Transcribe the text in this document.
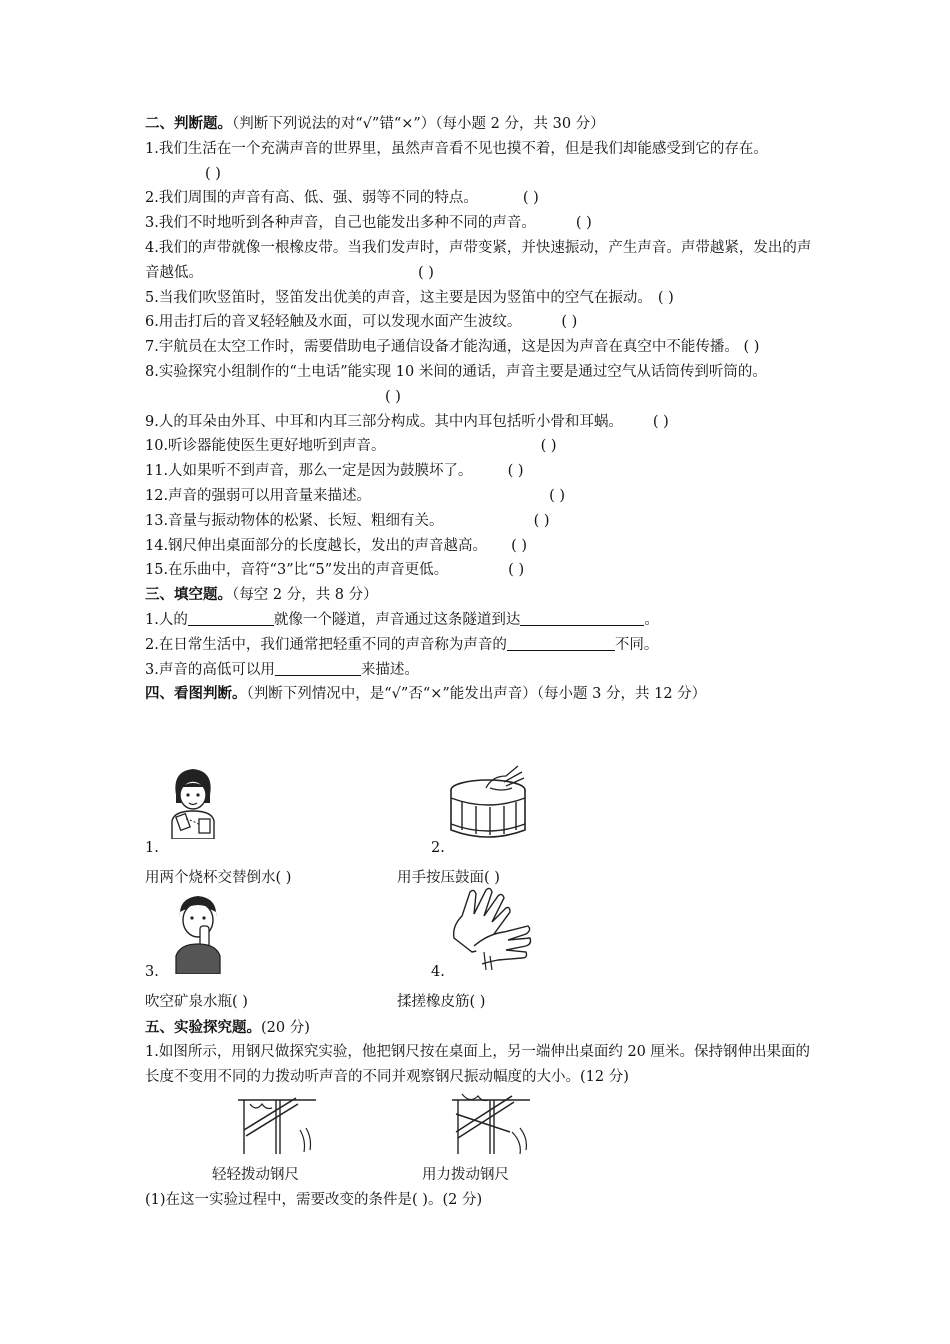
二、判断题。（判断下列说法的对“√”错“×”）（每小题 2 分，共 30 分）
1.我们生活在一个充满声音的世界里，虽然声音看不见也摸不着，但是我们却能感受到它的存在。( )
2.我们周围的声音有高、低、强、弱等不同的特点。	( )
3.我们不时地听到各种声音，自己也能发出多种不同的声音。	( )
4.我们的声带就像一根橡皮带。当我们发声时，声带变紧，并快速振动，产生声音。声带越紧，发出的声音越低。	( )
5.当我们吹竖笛时，竖笛发出优美的声音，这主要是因为竖笛中的空气在振动。 ( )
6.用击打后的音叉轻轻触及水面，可以发现水面产生波纹。	( )
7.宇航员在太空工作时，需要借助电子通信设备才能沟通，这是因为声音在真空中不能传播。 ( )
8.实验探究小组制作的“土电话”能实现 10 米间的通话，声音主要是通过空气从话筒传到听筒的。( )
9.人的耳朵由外耳、中耳和内耳三部分构成。其中内耳包括听小骨和耳蜗。 ( )
10.听诊器能使医生更好地听到声音。	( )
11.人如果听不到声音，那么一定是因为鼓膜坏了。 ( )
12.声音的强弱可以用音量来描述。	( )
13.音量与振动物体的松紧、长短、粗细有关。	( )
14.钢尺伸出桌面部分的长度越长，发出的声音越高。 ( )
15.在乐曲中，音符“3”比“5”发出的声音更低。	( )
三、填空题。（每空 2 分，共 8 分）
1.人的	就像一个隧道，声音通过这条隧道到达	。
2.在日常生活中，我们通常把轻重不同的声音称为声音的	不同。
3.声音的高低可以用	来描述。
四、看图判断。（判断下列情况中，是“√”否“×”能发出声音）（每小题 3 分，共 12 分）
1.	2.
用两个烧杯交替倒水( )	用手按压鼓面( )
3.	4.
吹空矿泉水瓶( )	揉搓橡皮筋( )
五、实验探究题。(20 分)
1.如图所示，用钢尺做探究实验，他把钢尺按在桌面上，另一端伸出桌面约 20 厘米。保持钢伸出果面的长度不变用不同的力拨动听声音的不同并观察钢尺振动幅度的大小。(12 分)
轻轻拨动钢尺	用力拨动钢尺
(1)在这一实验过程中，需要改变的条件是( )。(2 分)
